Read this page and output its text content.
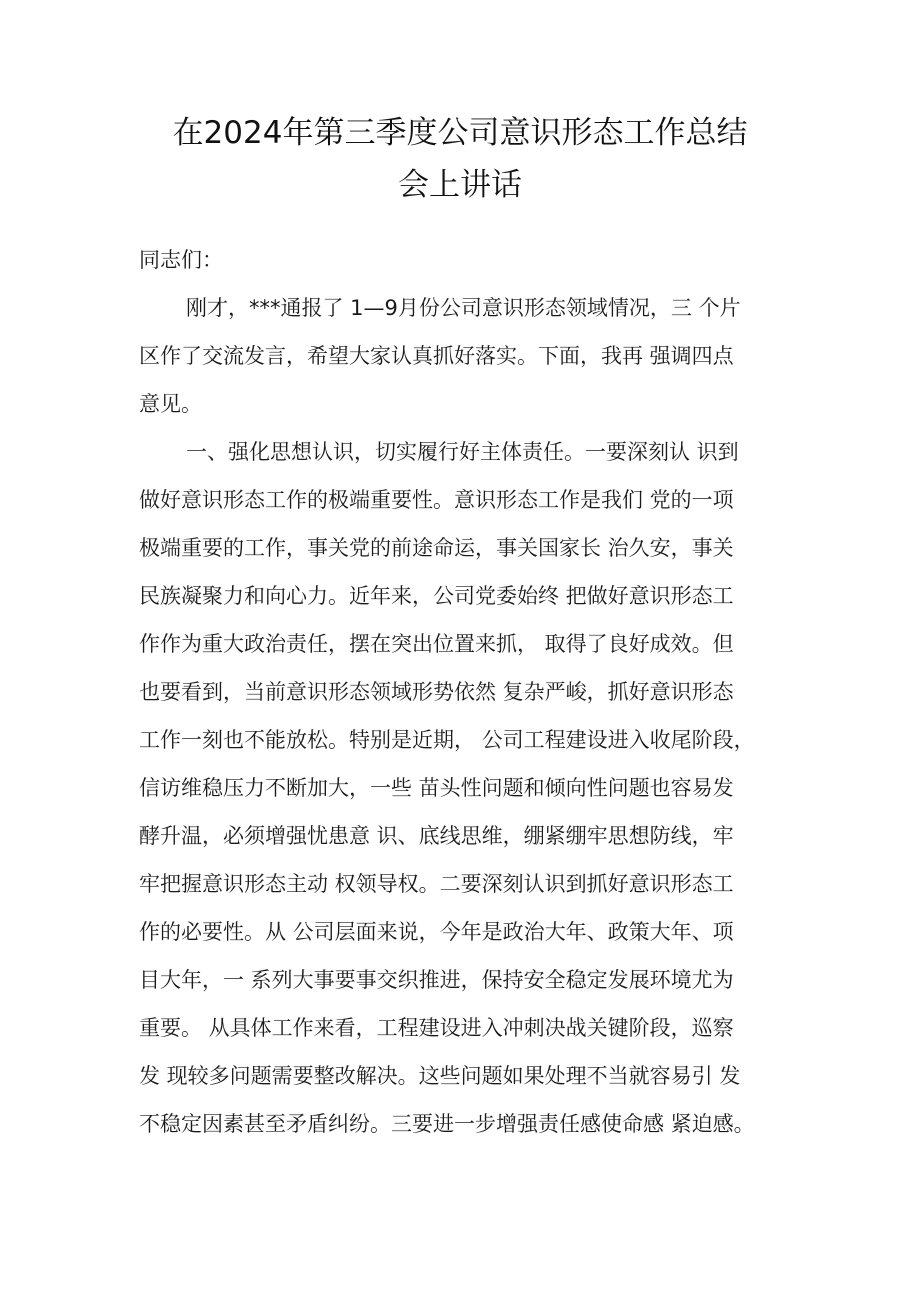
在2024年第三季度公司意识形态工作总结
会上讲话
同志们：
刚才，***通报了 1—9月份公司意识形态领域情况，三 个片
区作了交流发言，希望大家认真抓好落实。下面，我再 强调四点
意见。
一、强化思想认识，切实履行好主体责任。一要深刻认 识到
做好意识形态工作的极端重要性。意识形态工作是我们 党的一项
极端重要的工作，事关党的前途命运，事关国家长 治久安，事关
民族凝聚力和向心力。近年来，公司党委始终 把做好意识形态工
作作为重大政治责任，摆在突出位置来抓， 取得了良好成效。但
也要看到，当前意识形态领域形势依然 复杂严峻，抓好意识形态
工作一刻也不能放松。特别是近期， 公司工程建设进入收尾阶段，
信访维稳压力不断加大，一些 苗头性问题和倾向性问题也容易发
酵升温，必须增强忧患意 识、底线思维，绷紧绷牢思想防线，牢
牢把握意识形态主动 权领导权。二要深刻认识到抓好意识形态工
作的必要性。从 公司层面来说，今年是政治大年、政策大年、项
目大年，一 系列大事要事交织推进，保持安全稳定发展环境尤为
重要。 从具体工作来看，工程建设进入冲刺决战关键阶段，巡察
发 现较多问题需要整改解决。这些问题如果处理不当就容易引 发
不稳定因素甚至矛盾纠纷。三要进一步增强责任感使命感 紧迫感。
